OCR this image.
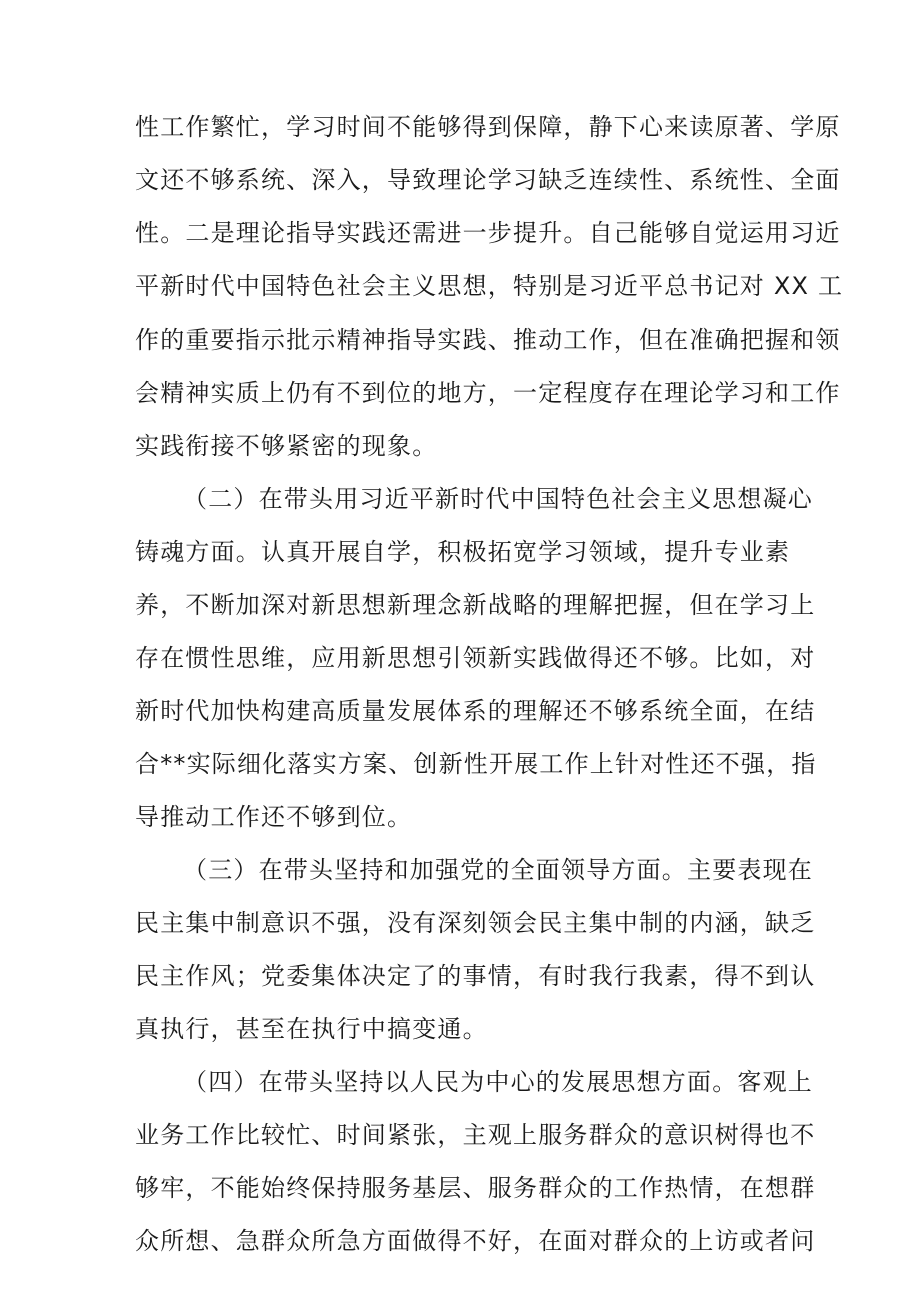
性工作繁忙，学习时间不能够得到保障，静下心来读原著、学原
文还不够系统、深入，导致理论学习缺乏连续性、系统性、全面
性。二是理论指导实践还需进一步提升。自己能够自觉运用习近
平新时代中国特色社会主义思想，特别是习近平总书记对 XX 工
作的重要指示批示精神指导实践、推动工作，但在准确把握和领
会精神实质上仍有不到位的地方，一定程度存在理论学习和工作
实践衔接不够紧密的现象。
（二）在带头用习近平新时代中国特色社会主义思想凝心
铸魂方面。认真开展自学，积极拓宽学习领域，提升专业素
养，不断加深对新思想新理念新战略的理解把握，但在学习上
存在惯性思维，应用新思想引领新实践做得还不够。比如，对
新时代加快构建高质量发展体系的理解还不够系统全面，在结
合**实际细化落实方案、创新性开展工作上针对性还不强，指
导推动工作还不够到位。
（三）在带头坚持和加强党的全面领导方面。主要表现在
民主集中制意识不强，没有深刻领会民主集中制的内涵，缺乏
民主作风；党委集体决定了的事情，有时我行我素，得不到认
真执行，甚至在执行中搞变通。
（四）在带头坚持以人民为中心的发展思想方面。客观上
业务工作比较忙、时间紧张，主观上服务群众的意识树得也不
够牢，不能始终保持服务基层、服务群众的工作热情，在想群
众所想、急群众所急方面做得不好，在面对群众的上访或者问
